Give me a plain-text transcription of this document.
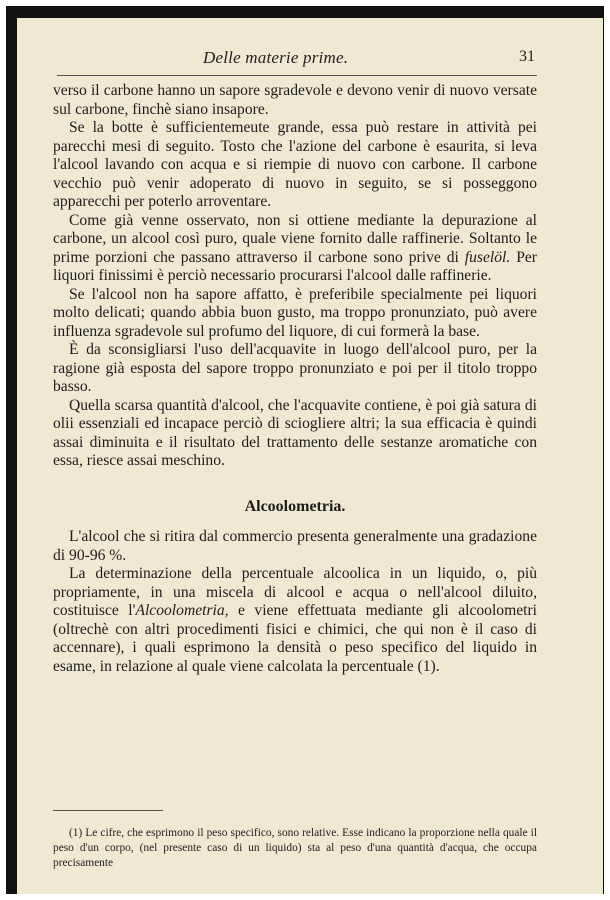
Delle materie prime.	31

verso il carbone hanno un sapore sgradevole e devono venir di nuovo versate sul carbone, finchè siano insapore.

Se la botte è sufficientemeute grande, essa può restare in attività pei parecchi mesi di seguito. Tosto che l'azione del carbone è esaurita, si leva l'alcool lavando con acqua e si riempie di nuovo con carbone. Il carbone vecchio può venir adoperato di nuovo in seguito, se si posseggono apparecchi per poterlo arroventare.

Come già venne osservato, non si ottiene mediante la depurazione al carbone, un alcool così puro, quale viene fornito dalle raffinerie. Soltanto le prime porzioni che passano attraverso il carbone sono prive di fuselöl. Per liquori finissimi è perciò necessario procurarsi l'alcool dalle raffinerie.

Se l'alcool non ha sapore affatto, è preferibile specialmente pei liquori molto delicati; quando abbia buon gusto, ma troppo pronunziato, può avere influenza sgradevole sul profumo del liquore, di cui formerà la base.

È da sconsigliarsi l'uso dell'acquavite in luogo dell'alcool puro, per la ragione già esposta del sapore troppo pronunziato e poi per il titolo troppo basso.

Quella scarsa quantità d'alcool, che l'acquavite contiene, è poi già satura di olii essenziali ed incapace perciò di sciogliere altri; la sua efficacia è quindi assai diminuita e il risultato del trattamento delle sestanze aromatiche con essa, riesce assai meschino.

Alcoolometria.

L'alcool che si ritira dal commercio presenta generalmente una gradazione di 90-96 %.

La determinazione della percentuale alcoolica in un liquido, o, più propriamente, in una miscela di alcool e acqua o nell'alcool diluito, costituisce l'Alcoolometria, e viene effettuata mediante gli alcoolometri (oltrechè con altri procedimenti fisici e chimici, che qui non è il caso di accennare), i quali esprimono la densità o peso specifico del liquido in esame, in relazione al quale viene calcolata la percentuale (1).

(1) Le cifre, che esprimono il peso specifico, sono relative. Esse indicano la proporzione nella quale il peso d'un corpo, (nel presente caso di un liquido) sta al peso d'una quantità d'acqua, che occupa precisamente
